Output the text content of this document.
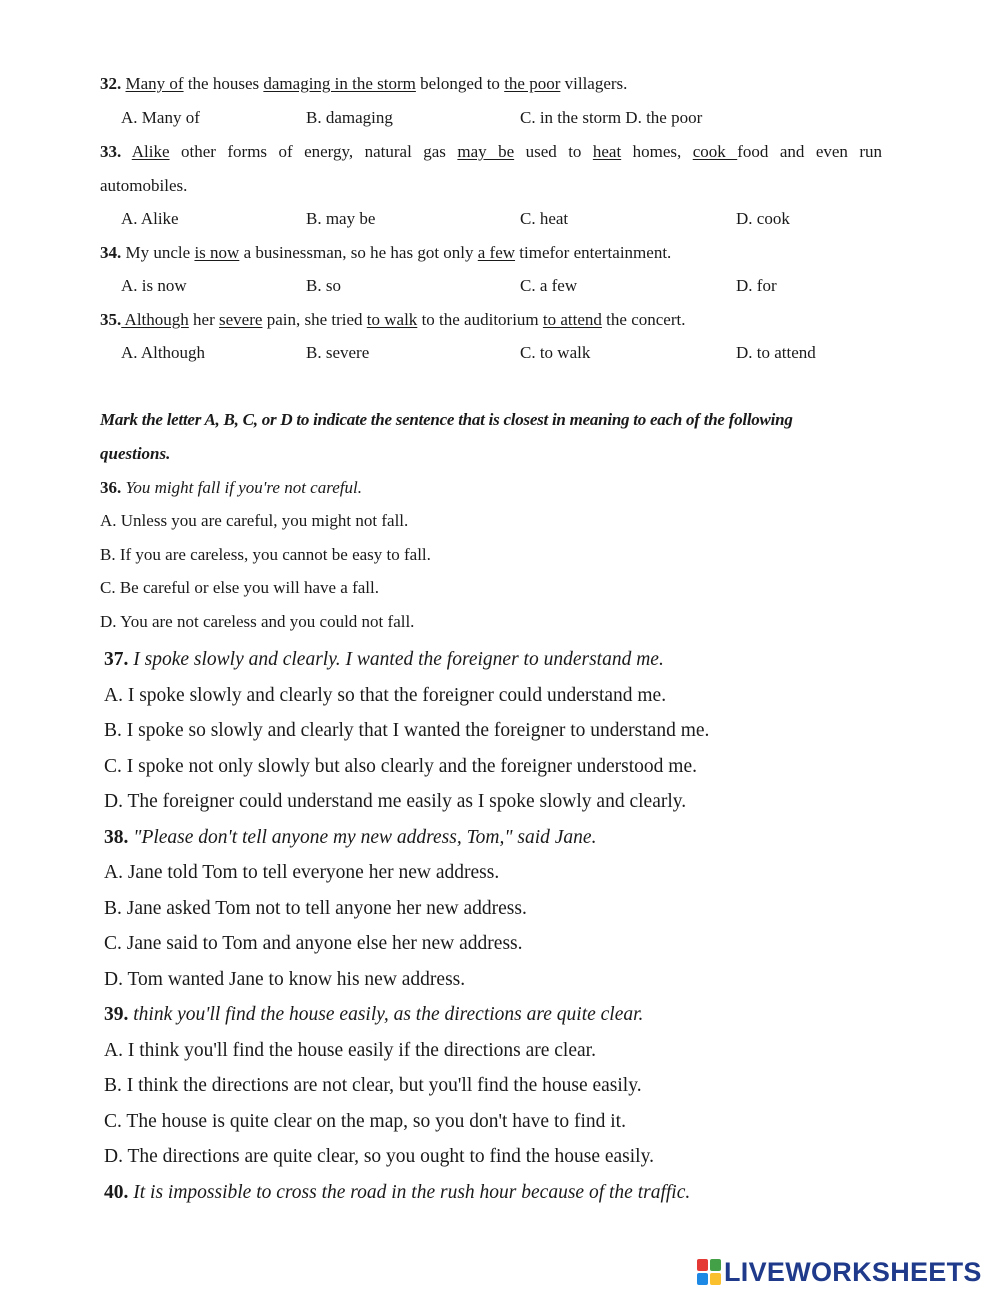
32. Many of the houses damaging in the storm belonged to the poor villagers.
A. Many of	B. damaging	C. in the storm D. the poor
33. Alike other forms of energy, natural gas may be used to heat homes, cook food and even run
automobiles.
A. Alike	B. may be	C. heat	D. cook
34. My uncle is now a businessman, so he has got only a few timefor entertainment.
A. is now	B. so	C. a few	D. for
35. Although her severe pain, she tried to walk to the auditorium to attend the concert.
A. Although	B. severe	C. to walk	D. to attend
Mark the letter A, B, C, or D to indicate the sentence that is closest in meaning to each of the following
questions.
36. You might fall if you're not careful.
A. Unless you are careful, you might not fall.
B. If you are careless, you cannot be easy to fall.
C. Be careful or else you will have a fall.
D. You are not careless and you could not fall.
37. I spoke slowly and clearly. I wanted the foreigner to understand me.
A. I spoke slowly and clearly so that the foreigner could understand me.
B. I spoke so slowly and clearly that I wanted the foreigner to understand me.
C. I spoke not only slowly but also clearly and the foreigner understood me.
D. The foreigner could understand me easily as I spoke slowly and clearly.
38. "Please don't tell anyone my new address, Tom," said Jane.
A. Jane told Tom to tell everyone her new address.
B. Jane asked Tom not to tell anyone her new address.
C. Jane said to Tom and anyone else her new address.
D. Tom wanted Jane to know his new address.
39. think you'll find the house easily, as the directions are quite clear.
A. I think you'll find the house easily if the directions are clear.
B. I think the directions are not clear, but you'll find the house easily.
C. The house is quite clear on the map, so you don't have to find it.
D. The directions are quite clear, so you ought to find the house easily.
40. It is impossible to cross the road in the rush hour because of the traffic.
LIVEWORKSHEETS
